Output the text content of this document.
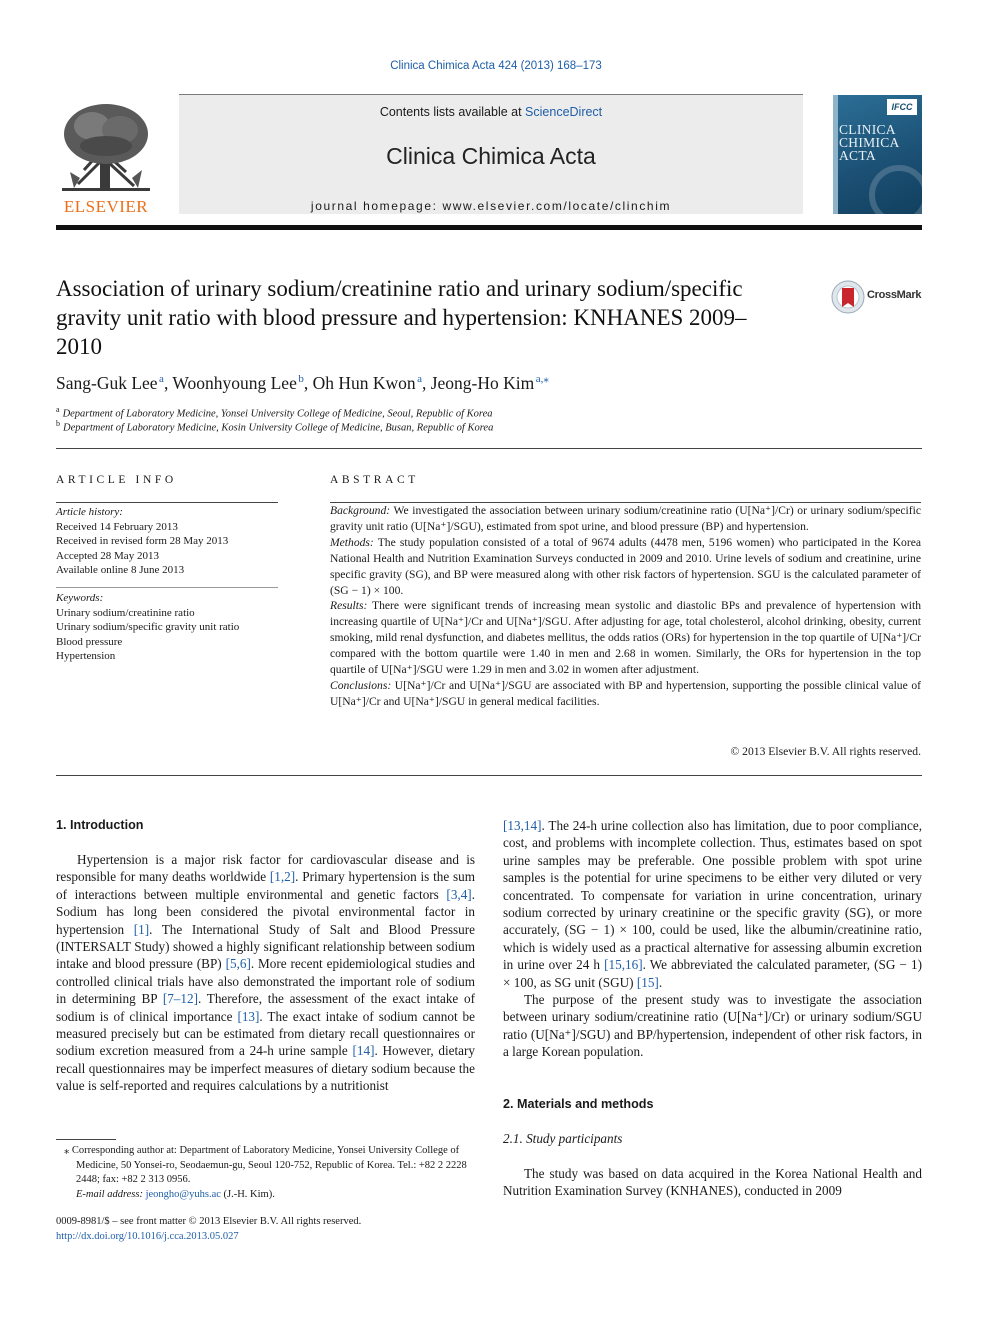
Clinica Chimica Acta 424 (2013) 168–173
ELSEVIER
Contents lists available at ScienceDirect
Clinica Chimica Acta
journal homepage: www.elsevier.com/locate/clinchim
IFCC
CLINICA
CHIMICA
ACTA
Association of urinary sodium/creatinine ratio and urinary sodium/specific gravity unit ratio with blood pressure and hypertension: KNHANES 2009–2010
CrossMark
Sang-Guk Lee $^a$, Woonhyoung Lee $^b$, Oh Hun Kwon $^a$, Jeong-Ho Kim $^{a,⁎}$
$^a$ Department of Laboratory Medicine, Yonsei University College of Medicine, Seoul, Republic of Korea
$^b$ Department of Laboratory Medicine, Kosin University College of Medicine, Busan, Republic of Korea
ARTICLE INFO
Article history:
Received 14 February 2013
Received in revised form 28 May 2013
Accepted 28 May 2013
Available online 8 June 2013
Keywords:
Urinary sodium/creatinine ratio
Urinary sodium/specific gravity unit ratio
Blood pressure
Hypertension
ABSTRACT
Background: We investigated the association between urinary sodium/creatinine ratio (U[Na⁺]/Cr) or urinary sodium/specific gravity unit ratio (U[Na⁺]/SGU), estimated from spot urine, and blood pressure (BP) and hypertension.
Methods: The study population consisted of a total of 9674 adults (4478 men, 5196 women) who participated in the Korea National Health and Nutrition Examination Surveys conducted in 2009 and 2010. Urine levels of sodium and creatinine, urine specific gravity (SG), and BP were measured along with other risk factors of hypertension. SGU is the calculated parameter of (SG − 1) × 100.
Results: There were significant trends of increasing mean systolic and diastolic BPs and prevalence of hypertension with increasing quartile of U[Na⁺]/Cr and U[Na⁺]/SGU. After adjusting for age, total cholesterol, alcohol drinking, obesity, current smoking, mild renal dysfunction, and diabetes mellitus, the odds ratios (ORs) for hypertension in the top quartile of U[Na⁺]/Cr compared with the bottom quartile were 1.40 in men and 2.68 in women. Similarly, the ORs for hypertension in the top quartile of U[Na⁺]/SGU were 1.29 in men and 3.02 in women after adjustment.
Conclusions: U[Na⁺]/Cr and U[Na⁺]/SGU are associated with BP and hypertension, supporting the possible clinical value of U[Na⁺]/Cr and U[Na⁺]/SGU in general medical facilities.
© 2013 Elsevier B.V. All rights reserved.
1. Introduction

Hypertension is a major risk factor for cardiovascular disease and is responsible for many deaths worldwide [1,2]. Primary hypertension is the sum of interactions between multiple environmental and genetic factors [3,4]. Sodium has long been considered the pivotal environmental factor in hypertension [1]. The International Study of Salt and Blood Pressure (INTERSALT Study) showed a highly significant relationship between sodium intake and blood pressure (BP) [5,6]. More recent epidemiological studies and controlled clinical trials have also demonstrated the important role of sodium in determining BP [7–12]. Therefore, the assessment of the exact intake of sodium is of clinical importance [13]. The exact intake of sodium cannot be measured precisely but can be estimated from dietary recall questionnaires or sodium excretion measured from a 24-h urine sample [14]. However, dietary recall questionnaires may be imperfect measures of dietary sodium because the value is self-reported and requires calculations by a nutritionist

[13,14]. The 24-h urine collection also has limitation, due to poor compliance, cost, and problems with incomplete collection. Thus, estimates based on spot urine samples may be preferable. One possible problem with spot urine samples is the potential for urine specimens to be either very diluted or very concentrated. To compensate for variation in urine concentration, urinary sodium corrected by urinary creatinine or the specific gravity (SG), or more accurately, (SG − 1) × 100, could be used, like the albumin/creatinine ratio, which is widely used as a practical alternative for assessing albumin excretion in urine over 24 h [15,16]. We abbreviated the calculated parameter, (SG − 1) × 100, as SG unit (SGU) [15].

The purpose of the present study was to investigate the association between urinary sodium/creatinine ratio (U[Na⁺]/Cr) or urinary sodium/SGU ratio (U[Na⁺]/SGU) and BP/hypertension, independent of other risk factors, in a large Korean population.

2. Materials and methods
2.1. Study participants

The study was based on data acquired in the Korea National Health and Nutrition Examination Survey (KNHANES), conducted in 2009

⁎ Corresponding author at: Department of Laboratory Medicine, Yonsei University College of Medicine, 50 Yonsei-ro, Seodaemun-gu, Seoul 120-752, Republic of Korea. Tel.: +82 2 2228 2448; fax: +82 2 313 0956.
E-mail address: jeongho@yuhs.ac (J.-H. Kim).
0009-8981/$ – see front matter © 2013 Elsevier B.V. All rights reserved.
http://dx.doi.org/10.1016/j.cca.2013.05.027
